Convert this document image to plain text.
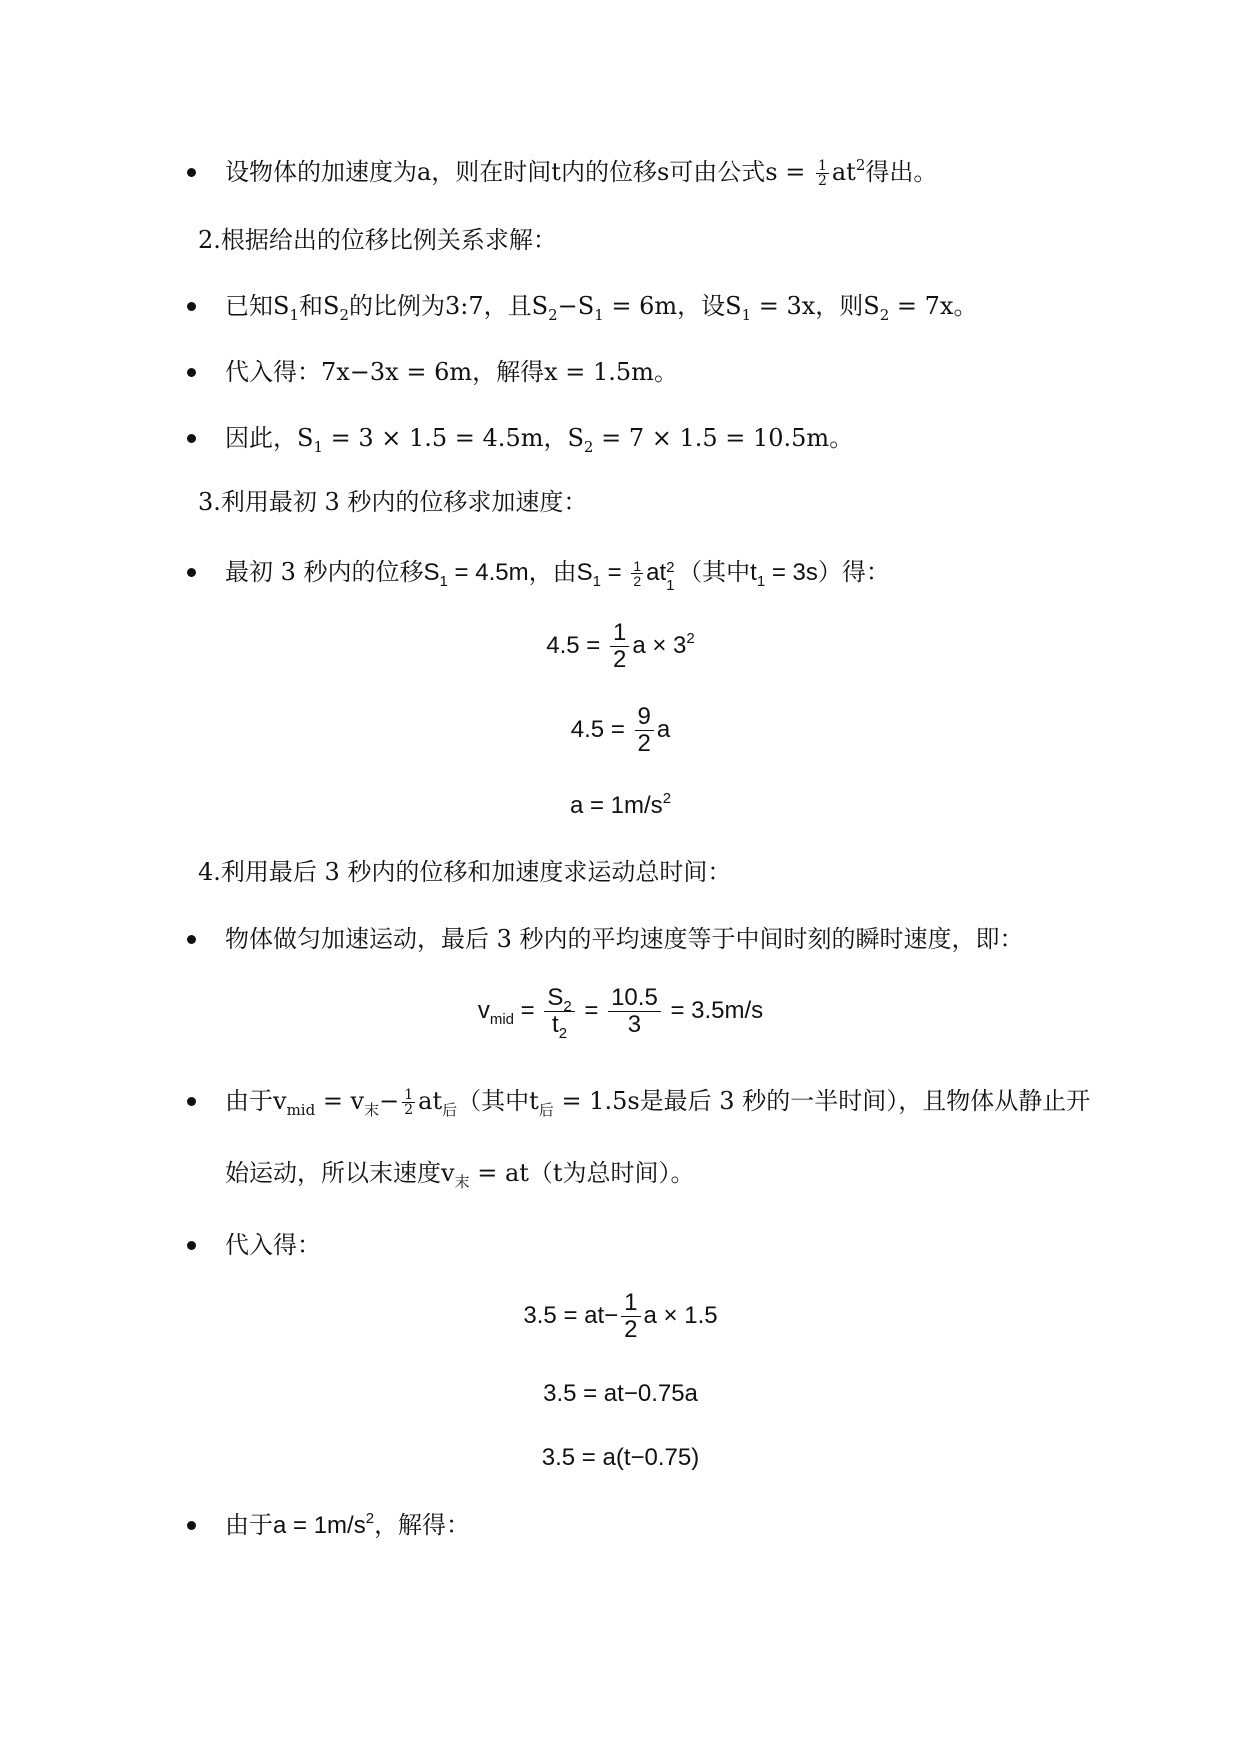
设物体的加速度为a，则在时间t内的位移s可由公式$s = \frac{1}{2} at^2$得出。
2.根据给出的位移比例关系求解：
已知$S_1$和$S_2$的比例为3:7，且$S_2-S_1 = 6m$，设$S_1 = 3x$，则$S_2 = 7x$。
代入得：7x−3x = 6m，解得x = 1.5m。
因此，$S_1 = 3 \times 1.5 = 4.5m$，$S_2 = 7 \times 1.5 = 10.5m$。
3.利用最初 3 秒内的位移求加速度：
最初 3 秒内的位移$S_1 = 4.5m$，由$S_1 = \frac{1}{2}$ at 2
1 （其中$t_1 = 3s$）得：
$4.5 = \frac{1}{2}$ $a \times 3^2$
$4.5 = \frac{9}{2}$ a
$a = 1m/s^2$
4.利用最后 3 秒内的位移和加速度求运动总时间：
物体做匀加速运动，最后 3 秒内的平均速度等于中间时刻的瞬时速度，即：
$v_{mid} = \frac{S_2}{t_2} = \frac{10.5}{3} = 3.5m/s$
由于$v_{mid} = v_末- \frac{1}{2} at_后$（其中$t_后 = 1.5s$是最后 3 秒的一半时间），且物体从静止开
始运动，所以末速度$v_末 = at(t$为总时间）。
代入得：
$3.5 = at- \frac{1}{2}$ a × 1.5
3.5 = at−0.75a
3.5 = a(t−0.75)
由于$a = 1m/s^2$，解得：
